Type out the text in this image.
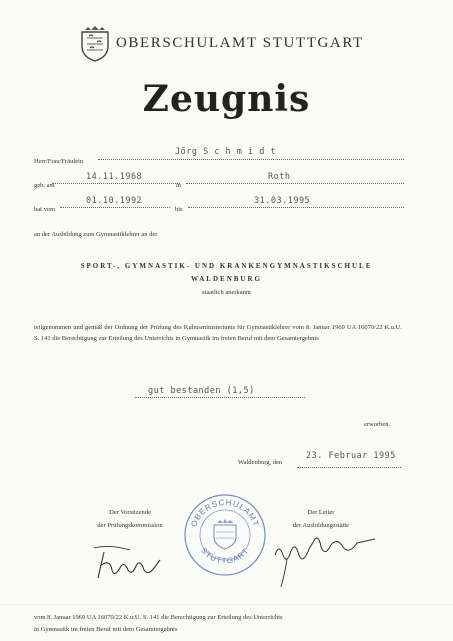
OBERSCHULAMT STUTTGART
Zeugnis
Herr/Frau/Fräulein
Jörg S c h m i d t
geb. am
14.11.1968
in
Roth
hat vom
01.10.1992
bis
31.03.1995
an der Ausbildung zum Gymnastiklehrer an der
SPORT-, GYMNASTIK- UND KRANKENGYMNASTIKSCHULE
WALDENBURG
staatlich anerkannt
teilgenommen und gemäß der Ordnung der Prüfung des Kultusministeriums für Gymnastiklehrer vom 8. Januar 1969 UA 16070/22 K.u.U. S. 141 die Berechtigung zur Erteilung des Unterrichts in Gymnastik im freien Beruf mit dem Gesamtergebnis
gut bestanden (1,5)
erworben.
Waldenburg, den
23. Februar 1995
Der Vorsitzende
der Prüfungskommission
Der Leiter
der Ausbildungsstätte
OBERSCHULAMT
STUTTGART
vom 8. Januar 1969 UA 16070/22 K.u.U. S. 141 die Berechtigung zur Erteilung des Unterrichts
in Gymnastik im freien Beruf mit dem Gesamtergebnis
